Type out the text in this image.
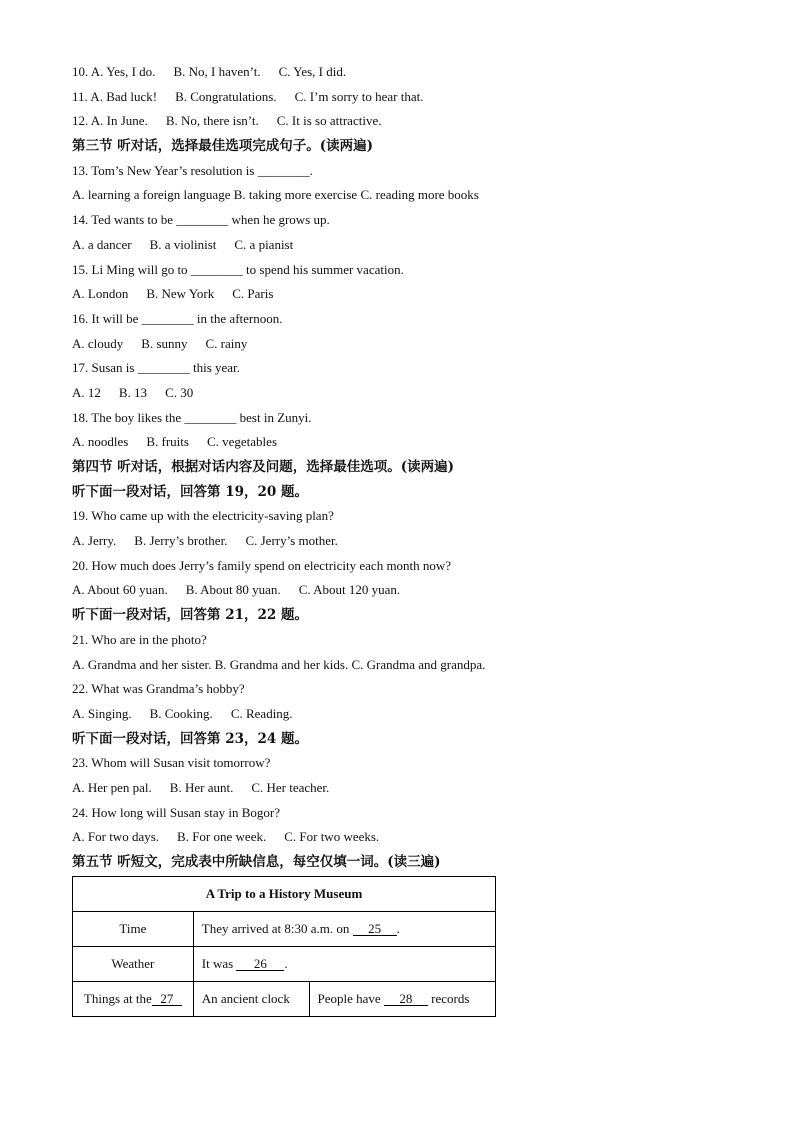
10. A. Yes, I do. B. No, I haven’t. C. Yes, I did.
11. A. Bad luck! B. Congratulations. C. I’m sorry to hear that.
12. A. In June. B. No, there isn’t. C. It is so attractive.
第三节 听对话，选择最佳选项完成句子。(读两遍)
13. Tom’s New Year’s resolution is ________.
A. learning a foreign language B. taking more exercise C. reading more books
14. Ted wants to be ________ when he grows up.
A. a dancer B. a violinist C. a pianist
15. Li Ming will go to ________ to spend his summer vacation.
A. London B. New York C. Paris
16. It will be ________ in the afternoon.
A. cloudy B. sunny C. rainy
17. Susan is ________ this year.
A. 12 B. 13 C. 30
18. The boy likes the ________ best in Zunyi.
A. noodles B. fruits C. vegetables
第四节 听对话，根据对话内容及问题，选择最佳选项。(读两遍)
听下面一段对话，回答第 19，20 题。
19. Who came up with the electricity-saving plan?
A. Jerry. B. Jerry’s brother. C. Jerry’s mother.
20. How much does Jerry’s family spend on electricity each month now?
A. About 60 yuan. B. About 80 yuan. C. About 120 yuan.
听下面一段对话，回答第 21，22 题。
21. Who are in the photo?
A. Grandma and her sister. B. Grandma and her kids. C. Grandma and grandpa.
22. What was Grandma’s hobby?
A. Singing. B. Cooking. C. Reading.
听下面一段对话，回答第 23，24 题。
23. Whom will Susan visit tomorrow?
A. Her pen pal. B. Her aunt. C. Her teacher.
24. How long will Susan stay in Bogor?
A. For two days. B. For one week. C. For two weeks.
第五节 听短文，完成表中所缺信息，每空仅填一词。(读三遍)
A Trip to a History Museum		
Time	They arrived at 8:30 a.m. on 25 .	
Weather	It was 26 .	
Things at the 27	An ancient clock	People have 28 records
